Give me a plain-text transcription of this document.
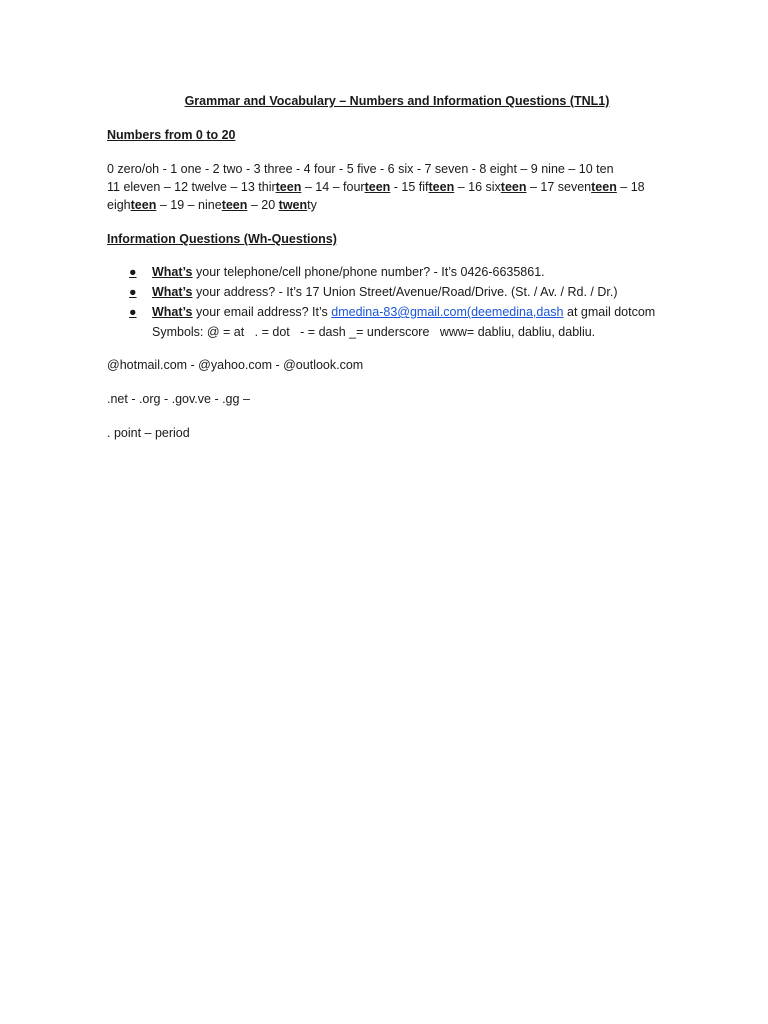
Grammar and Vocabulary – Numbers and Information Questions (TNL1)

Numbers from 0 to 20

0 zero/oh - 1 one - 2 two - 3 three - 4 four - 5 five - 6 six - 7 seven - 8 eight – 9 nine – 10 ten
11 eleven – 12 twelve – 13 thirteen – 14 – fourteen - 15 fifteen – 16 sixteen – 17 seventeen – 18
eighteen – 19 – nineteen – 20 twenty

Information Questions (Wh-Questions)

● What’s your telephone/cell phone/phone number? - It’s 0426-6635861.
● What’s your address? - It’s 17 Union Street/Avenue/Road/Drive. (St. / Av. / Rd. / Dr.)
● What’s your email address? It’s dmedina-83@gmail.com(deemedina,dash at gmail dotcom

Symbols: @ = at   . = dot   - = dash _= underscore   www= dabliu, dabliu, dabliu.

@hotmail.com - @yahoo.com - @outlook.com

.net - .org - .gov.ve - .gg –

. point – period
